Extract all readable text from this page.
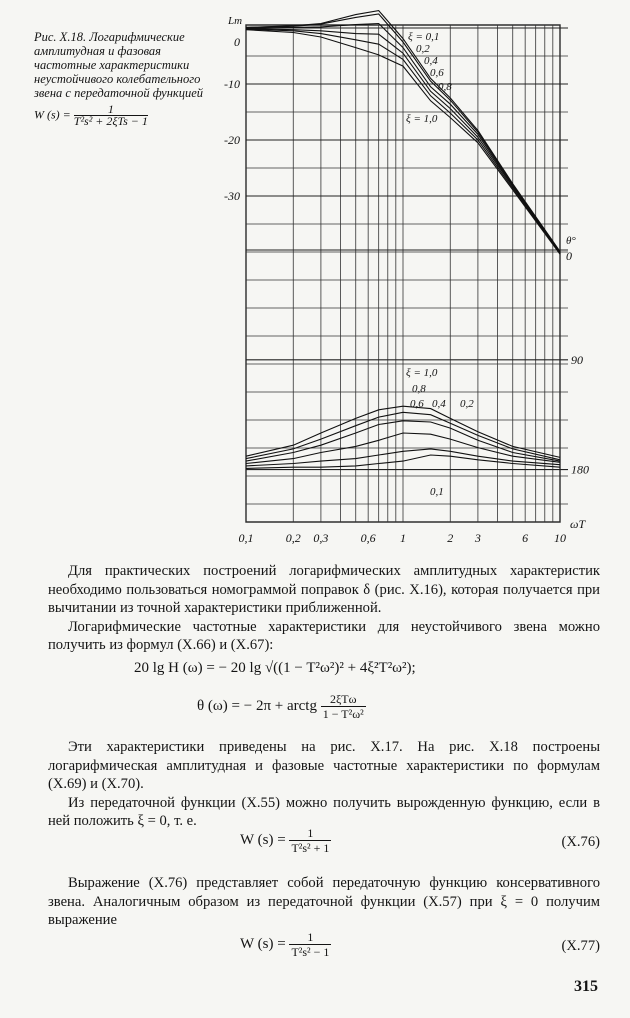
Рис. X.18. Логарифмические амплитудная и фазовая частотные характеристики неустойчивого колебательного звена с передаточной функцией
W $(s) = \frac{1}{\text{T²s² + 2ξTs − 1}}$
0,1	0,2 0,3	0,6 1	2 3	6 10
ωT
Lm
0
-10
-20
-30
θ°
0
90
180
ξ = 0,1
0,2
0,4
0,6
0,8
ξ = 1,0
ξ = 1,0
0,8
0,6 0,4 0,2
0,1

Для практических построений логарифмических амплитудных характеристик необходимо пользоваться номограммой поправок δ (рис. X.16), которая получается при вычитании из точной характеристики приближенной.

Логарифмические частотные характеристики для неустойчивого звена можно получить из формул (X.66) и (X.67):

20 lg H (ω) = − 20 lg √((1 − T²ω²)² + 4ξ²T²ω²);
θ (ω) = − 2π + arctg	2ξTω
1 − T²ω²

Эти характеристики приведены на рис. X.17. На рис. X.18 построены логарифмическая амплитудная и фазовые частотные характеристики по формулам (X.69) и (X.70).

Из передаточной функции (X.55) можно получить вырожденную функцию, если в ней положить ξ = 0, т. е.

W $(s) = \frac{1}{\text{T²s² + 1}}$	(X.76)

Выражение (X.76) представляет собой передаточную функцию консервативного звена. Аналогичным образом из передаточной функции (X.57) при ξ = 0 получим выражение

W $(s) = \frac{1}{\text{T²s² − 1}}$	(X.77)
315
